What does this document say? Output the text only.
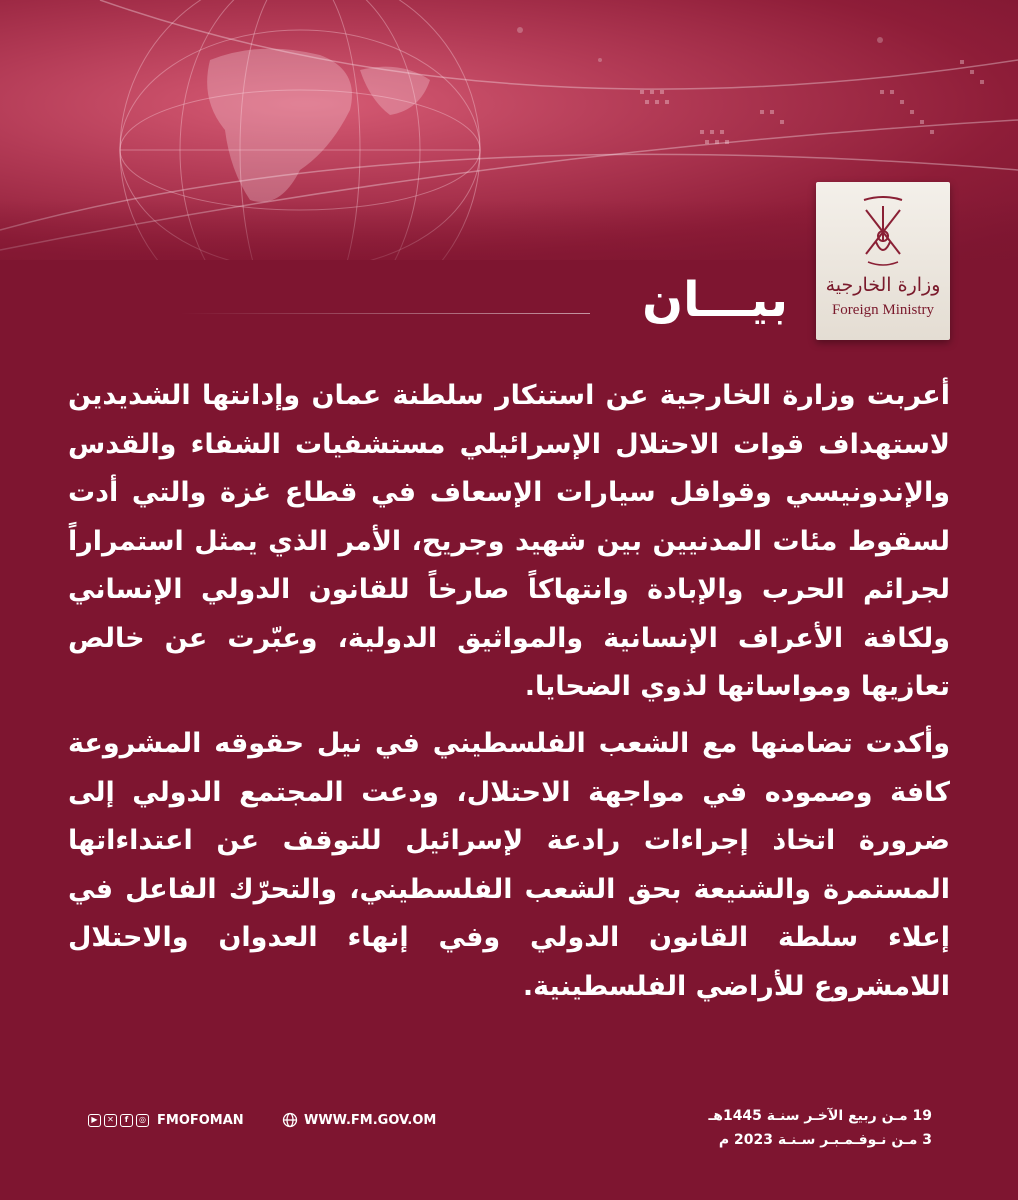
وزارة الخارجية
Foreign Ministry
بيـــان

أعربت وزارة الخارجية عن استنكار سلطنة عمان وإدانتها الشديدين لاستهداف قوات الاحتلال الإسرائيلي مستشفيات الشفاء والقدس والإندونيسي وقوافل سيارات الإسعاف في قطاع غزة والتي أدت لسقوط مئات المدنيين بين شهيد وجريح، الأمر الذي يمثل استمراراً لجرائم الحرب والإبادة وانتهاكاً صارخاً للقانون الدولي الإنساني ولكافة الأعراف الإنسانية والمواثيق الدولية، وعبّرت عن خالص تعازيها ومواساتها لذوي الضحايا.

وأكدت تضامنها مع الشعب الفلسطيني في نيل حقوقه المشروعة كافة وصموده في مواجهة الاحتلال، ودعت المجتمع الدولي إلى ضرورة اتخاذ إجراءات رادعة لإسرائيل للتوقف عن اعتداءاتها المستمرة والشنيعة بحق الشعب الفلسطيني، والتحرّك الفاعل في إعلاء سلطة القانون الدولي وفي إنهاء العدوان والاحتلال اللامشروع للأراضي الفلسطينية.

19 مـن ربيع الآخـر سنـة 1445هـ
3 مـن نـوفـمـبـر سـنـة 2023 م
WWW.FM.GOV.OM
▶	✕	f	◎ FMOFOMAN
